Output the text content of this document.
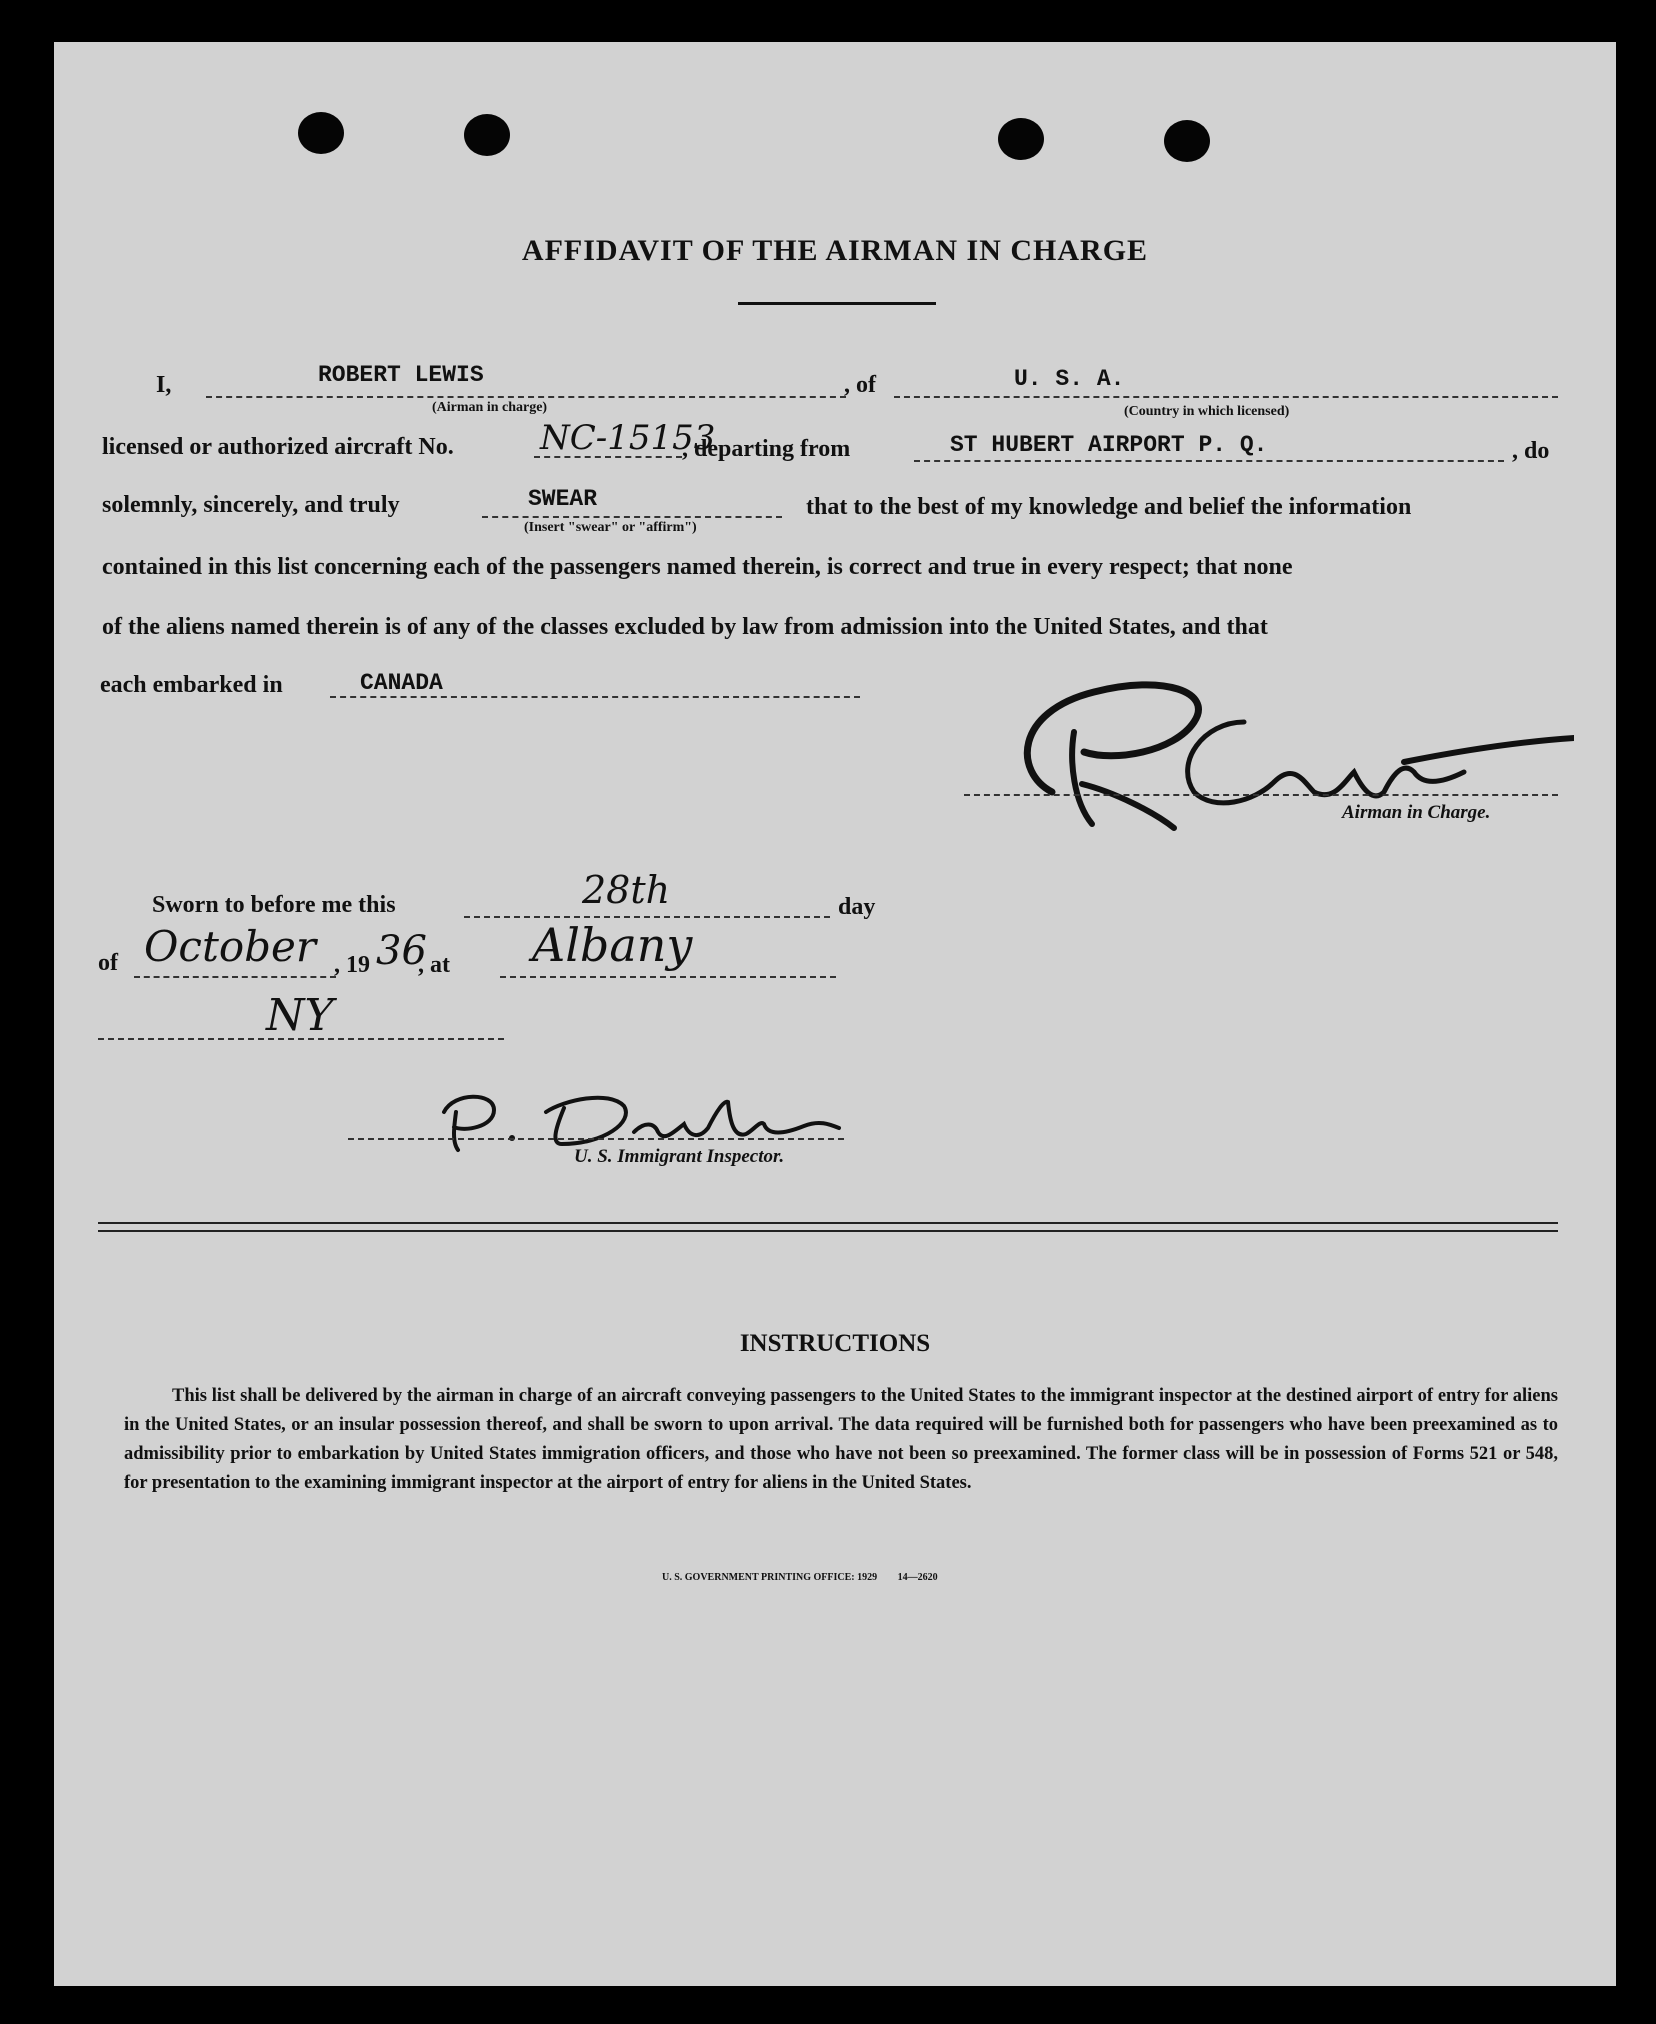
AFFIDAVIT OF THE AIRMAN IN CHARGE
I,	ROBERT LEWIS
(Airman in charge)
, of	U. S. A.
(Country in which licensed)
licensed or authorized aircraft No.	NC-15153
, departing from	ST HUBERT AIRPORT P. Q.	, do
solemnly, sincerely, and truly	SWEAR
(Insert "swear" or "affirm")
that to the best of my knowledge and belief the information
contained in this list concerning each of the passengers named therein, is correct and true in every respect; that none
of the aliens named therein is of any of the classes excluded by law from admission into the United States, and that
each embarked in	CANADA
Airman in Charge.
Sworn to before me this	28th	day
of October , 19 36
, at Albany
NY
U. S. Immigrant Inspector.
INSTRUCTIONS
This list shall be delivered by the airman in charge of an aircraft conveying passengers to the United States to the immigrant inspector at the destined airport of entry for aliens in the United States, or an insular possession thereof, and shall be sworn to upon arrival. The data required will be furnished both for passengers who have been preexamined as to admissibility prior to embarkation by United States immigration officers, and those who have not been so preexamined. The former class will be in possession of Forms 521 or 548, for presentation to the examining immigrant inspector at the airport of entry for aliens in the United States.
U. S. GOVERNMENT PRINTING OFFICE: 1929 14—2620
